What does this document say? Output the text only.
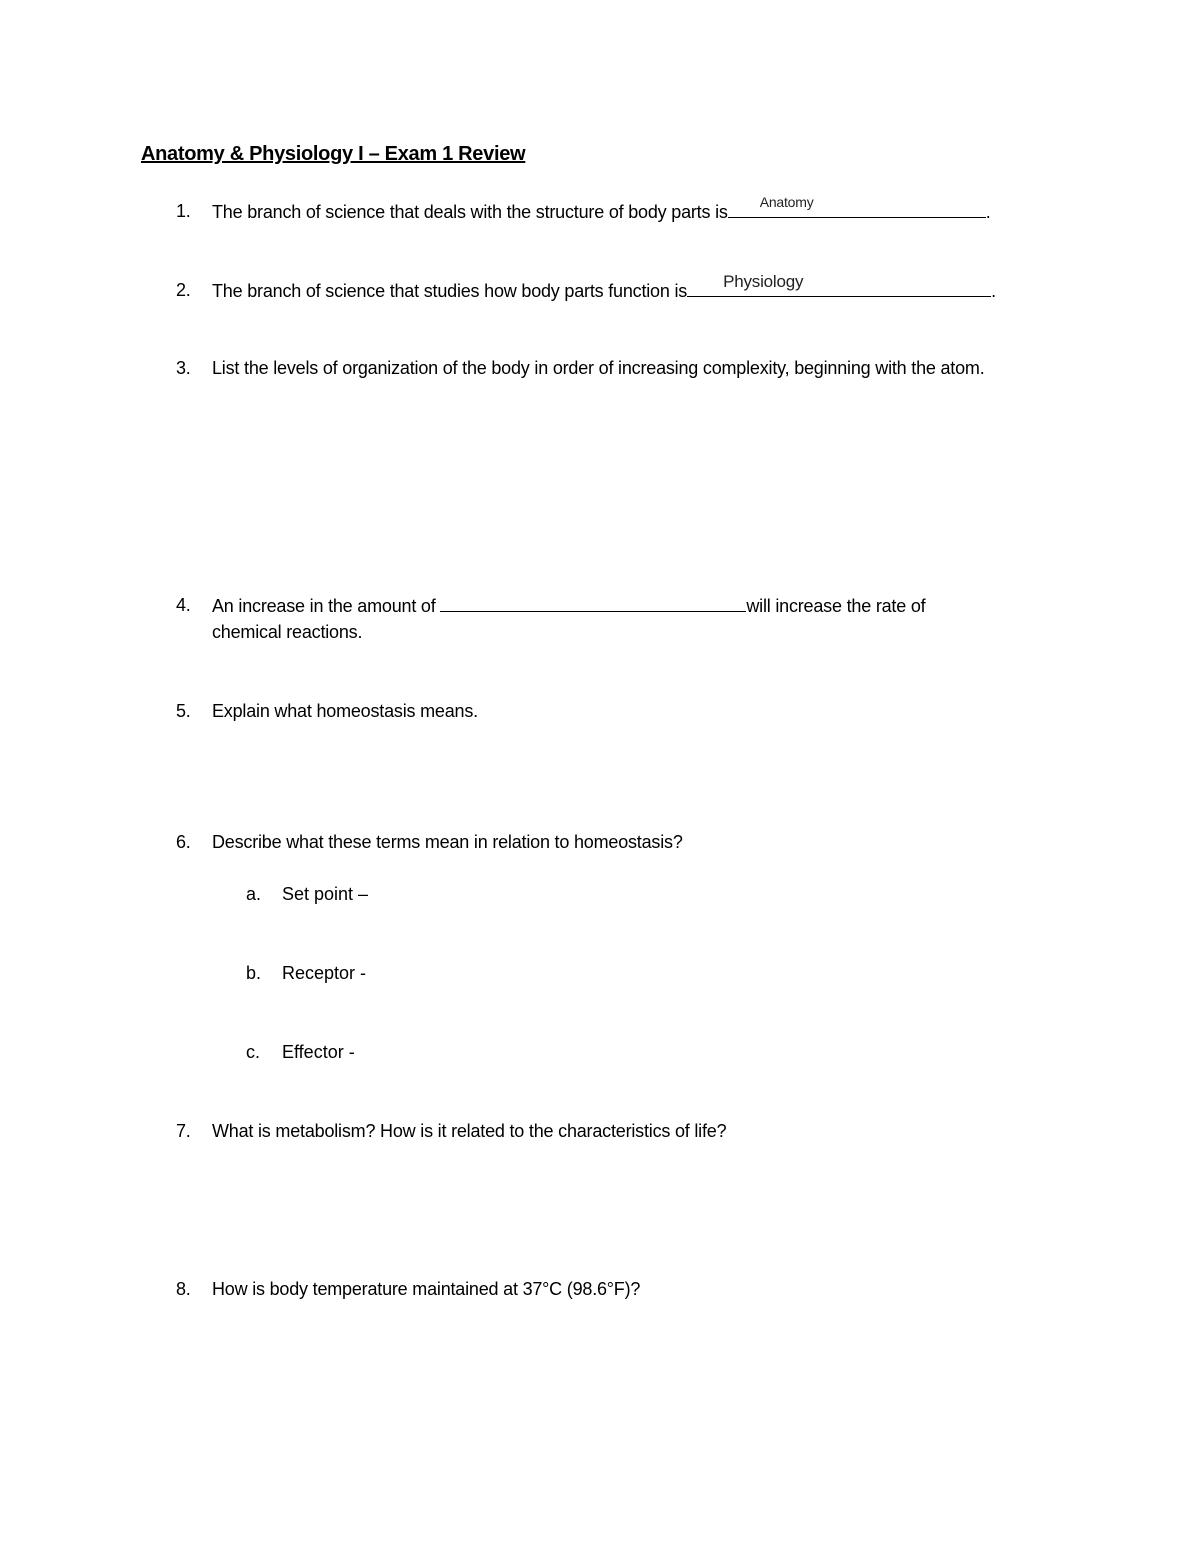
Anatomy & Physiology I – Exam 1 Review
1.	The branch of science that deals with the structure of body parts is Anatomy	.
2.	The branch of science that studies how body parts function is Physiology	.
3.	List the levels of organization of the body in order of increasing complexity, beginning with the atom.
4.	An increase in the amount of	will increase the rate of
chemical reactions.
5.	Explain what homeostasis means.
6.	Describe what these terms mean in relation to homeostasis?
a. Set point –
b. Receptor -
c. Effector -
7.	What is metabolism? How is it related to the characteristics of life?
8.	How is body temperature maintained at 37°C (98.6°F)?
